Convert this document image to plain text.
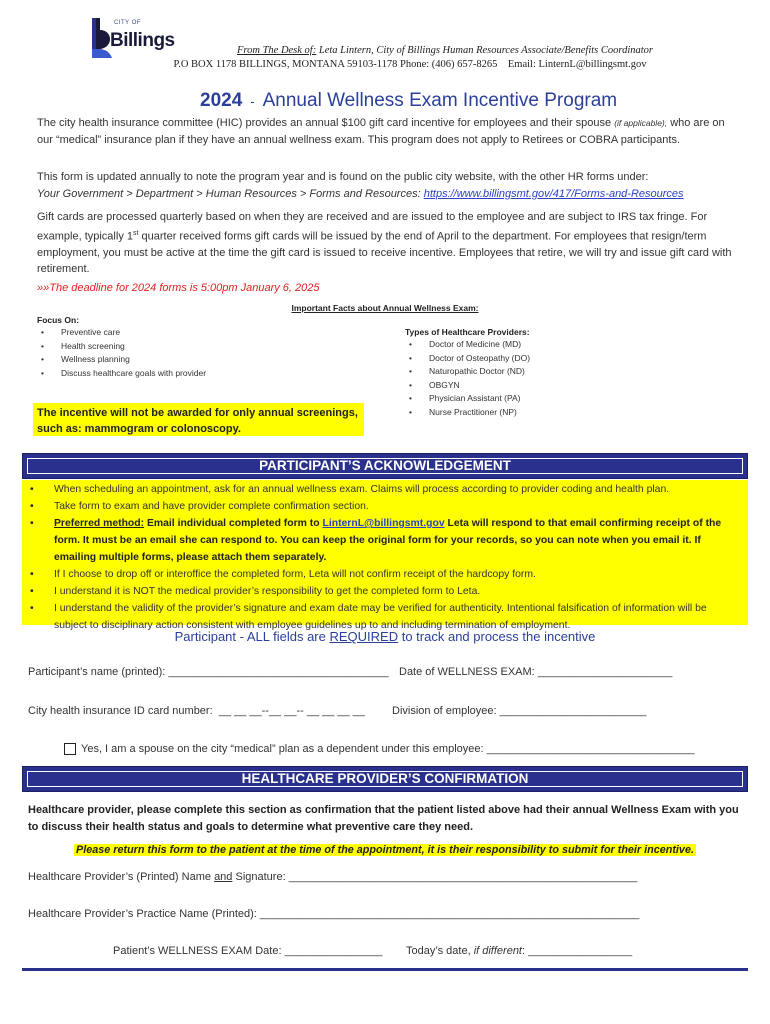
CITY OF
Billings	From The Desk of: Leta Lintern, City of Billings Human Resources Associate/Benefits Coordinator
P.O BOX 1178 BILLINGS, MONTANA 59103-1178 Phone: (406) 657-8265 Email: LinternL@billingsmt.gov
2024 - Annual Wellness Exam Incentive Program

The city health insurance committee (HIC) provides an annual $100 gift card incentive for employees and their spouse (if applicable), who are on our “medical” insurance plan if they have an annual wellness exam. This program does not apply to Retirees or COBRA participants.

This form is updated annually to note the program year and is found on the public city website, with the other HR forms under:
Your Government > Department > Human Resources > Forms and Resources: https://www.billingsmt.gov/417/Forms-and-Resources

Gift cards are processed quarterly based on when they are received and are issued to the employee and are subject to IRS tax fringe. For example, typically 1st quarter received forms gift cards will be issued by the end of April to the department. For employees that resign/term employment, you must be active at the time the gift card is issued to receive incentive. Employees that retire, we will try and issue gift card with retirement.

»»The deadline for 2024 forms is 5:00pm January 6, 2025
Important Facts about Annual Wellness Exam:
Focus On:
• Preventive care
• Health screening
• Wellness planning
• Discuss healthcare goals with provider
Types of Healthcare Providers:
• Doctor of Medicine (MD)
• Doctor of Osteopathy (DO)
• Naturopathic Doctor (ND)
• OBGYN
• Physician Assistant (PA)
• Nurse Practitioner (NP)
The incentive will not be awarded for only annual screenings,
such as: mammogram or colonoscopy.
PARTICIPANT’S ACKNOWLEDGEMENT
• When scheduling an appointment, ask for an annual wellness exam. Claims will process according to provider coding and health plan.
• Take form to exam and have provider complete confirmation section.
• Preferred method: Email individual completed form to LinternL@billingsmt.gov Leta will respond to that email confirming receipt of the form. It must be an email she can respond to. You can keep the original form for your records, so you can note when you email it. If emailing multiple forms, please attach them separately.
• If I choose to drop off or interoffice the completed form, Leta will not confirm receipt of the hardcopy form.
• I understand it is NOT the medical provider’s responsibility to get the completed form to Leta.
• I understand the validity of the provider’s signature and exam date may be verified for authenticity. Intentional falsification of information will be subject to disciplinary action consistent with employee guidelines up to and including termination of employment.
Participant - ALL fields are REQUIRED to track and process the incentive
Participant’s name (printed): ____________________________________ Date of WELLNESS EXAM: ______________________
City health insurance ID card number: __ __ __--__ __-- __ __ __ __ Division of employee: ________________________
Yes, I am a spouse on the city “medical” plan as a dependent under this employee: __________________________________
HEALTHCARE PROVIDER’S CONFIRMATION
Healthcare provider, please complete this section as confirmation that the patient listed above had their annual Wellness Exam with you to discuss their health status and goals to determine what preventive care they need.
Please return this form to the patient at the time of the appointment, it is their responsibility to submit for their incentive.
Healthcare Provider’s (Printed) Name and Signature: _________________________________________________________
Healthcare Provider’s Practice Name (Printed): ______________________________________________________________
Patient’s WELLNESS EXAM Date: ________________ Today’s date, if different: _________________
